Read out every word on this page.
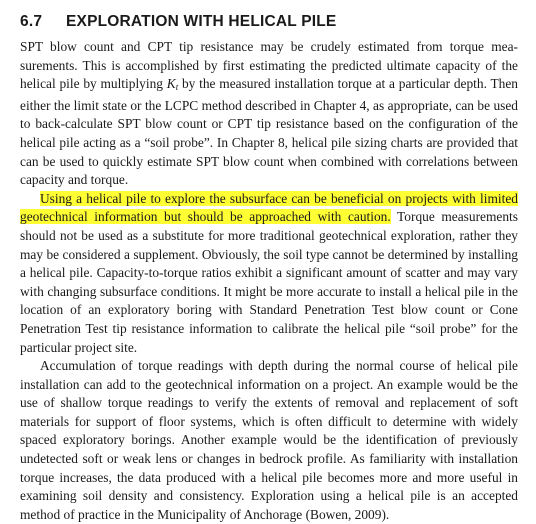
6.7 EXPLORATION WITH HELICAL PILE

SPT blow count and CPT tip resistance may be crudely estimated from torque measurements. This is accomplished by first estimating the predicted ultimate capacity of the helical pile by multiplying $K_t$ by the measured installation torque at a particular depth. Then either the limit state or the LCPC method described in Chapter 4, as appropriate, can be used to back-calculate SPT blow count or CPT tip resistance based on the configuration of the helical pile acting as a “soil probe”. In Chapter 8, helical pile sizing charts are provided that can be used to quickly estimate SPT blow count when combined with correlations between capacity and torque.

Using a helical pile to explore the subsurface can be beneficial on projects with limited geotechnical information but should be approached with caution. Torque measurements should not be used as a substitute for more traditional geotechnical exploration, rather they may be considered a supplement. Obviously, the soil type cannot be determined by installing a helical pile. Capacity-to-torque ratios exhibit a significant amount of scatter and may vary with changing subsurface conditions. It might be more accurate to install a helical pile in the location of an exploratory boring with Standard Penetration Test blow count or Cone Penetration Test tip resistance information to calibrate the helical pile “soil probe” for the particular project site.

Accumulation of torque readings with depth during the normal course of helical pile installation can add to the geotechnical information on a project. An example would be the use of shallow torque readings to verify the extents of removal and replacement of soft materials for support of floor systems, which is often difficult to determine with widely spaced exploratory borings. Another example would be the identification of previously undetected soft or weak lens or changes in bedrock profile. As familiarity with installation torque increases, the data produced with a helical pile becomes more and more useful in examining soil density and consistency. Exploration using a helical pile is an accepted method of practice in the Municipality of Anchorage (Bowen, 2009).
